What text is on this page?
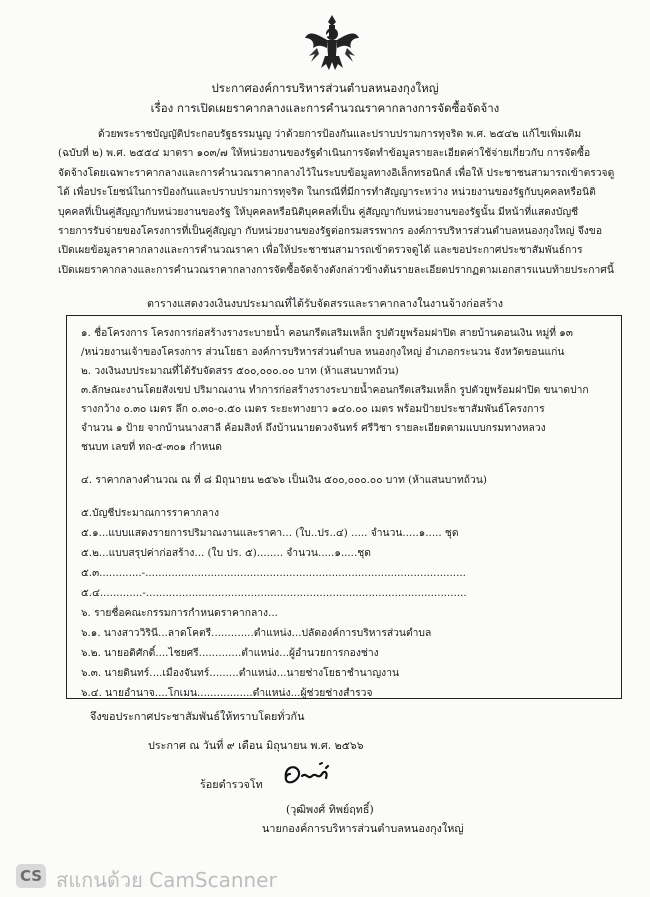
ประกาศองค์การบริหารส่วนตำบลหนองกุงใหญ่
เรื่อง การเปิดเผยราคากลางและการคำนวณราคากลางการจัดซื้อจัดจ้าง

ด้วยพระราชบัญญัติประกอบรัฐธรรมนูญ ว่าด้วยการป้องกันและปราบปรามการทุจริต พ.ศ. ๒๕๔๒ แก้ไขเพิ่มเติม

(ฉบับที่ ๒) พ.ศ. ๒๕๕๔ มาตรา ๑๐๓/๗ ให้หน่วยงานของรัฐดำเนินการจัดทำข้อมูลรายละเอียดค่าใช้จ่ายเกี่ยวกับ การจัดซื้อ
จัดจ้างโดยเฉพาะราคากลางและการคำนวณราคากลางไว้ในระบบข้อมูลทางอิเล็กทรอนิกส์ เพื่อให้ ประชาชนสามารถเข้าตรวจดู
ได้ เพื่อประโยชน์ในการป้องกันและปราบปรามการทุจริต ในกรณีที่มีการทำสัญญาระหว่าง หน่วยงานของรัฐกับบุคคลหรือนิติ
บุคคลที่เป็นคู่สัญญากับหน่วยงานของรัฐ ให้บุคคลหรือนิติบุคคลที่เป็น คู่สัญญากับหน่วยงานของรัฐนั้น มีหน้าที่แสดงบัญชี
รายการรับจ่ายของโครงการที่เป็นคู่สัญญา กับหน่วยงานของรัฐต่อกรมสรรพากร องค์การบริหารส่วนตำบลหนองกุงใหญ่ จึงขอ
เปิดเผยข้อมูลราคากลางและการคำนวณราคา เพื่อให้ประชาชนสามารถเข้าตรวจดูได้ และขอประกาศประชาสัมพันธ์การ
เปิดเผยราคากลางและการคำนวณราคากลางการจัดซื้อจัดจ้างดังกล่าวข้างต้นรายละเอียดปรากฏตามเอกสารแนบท้ายประกาศนี้
ตารางแสดงวงเงินงบประมาณที่ได้รับจัดสรรและราคากลางในงานจ้างก่อสร้าง
๑. ชื่อโครงการ โครงการก่อสร้างรางระบายน้ำ คอนกรีตเสริมเหล็ก รูปตัวยูพร้อมฝาปิด สายบ้านดอนเงิน หมู่ที่ ๑๓
/หน่วยงานเจ้าของโครงการ ส่วนโยธา องค์การบริหารส่วนตำบล หนองกุงใหญ่ อำเภอกระนวน จังหวัดขอนแก่น
๒. วงเงินงบประมาณที่ได้รับจัดสรร ๕๐๐,๐๐๐.๐๐ บาท (ห้าแสนบาทถ้วน)
๓.ลักษณะงานโดยสังเขป ปริมาณงาน ทำการก่อสร้างรางระบายน้ำคอนกรีตเสริมเหล็ก รูปตัวยูพร้อมฝาปิด ขนาดปาก
รางกว้าง ๐.๓๐ เมตร ลึก ๐.๓๐-๐.๕๐ เมตร ระยะทางยาว ๑๔๐.๐๐ เมตร พร้อมป้ายประชาสัมพันธ์โครงการ
จำนวน ๑ ป้าย จากบ้านนางสาลี ค้อมสิงห์ ถึงบ้านนายดวงจันทร์ ศรีวิชา รายละเอียดตามแบบกรมทางหลวง
ชนบท เลขที่ ทถ-๕-๓๐๑ กำหนด
๔. ราคากลางคำนวณ ณ ที่ ๘ มิถุนายน ๒๕๖๖ เป็นเงิน ๕๐๐,๐๐๐.๐๐ บาท (ห้าแสนบาทถ้วน)
๕.บัญชีประมาณการราคากลาง
๕.๑...แบบแสดงรายการปริมาณงานและราคา... (ใบ..ปร..๔) ..... จำนวน.....๑..... ชุด
๕.๒...แบบสรุปค่าก่อสร้าง... (ใบ ปร. ๕)........ จำนวน.....๑.....ชุด
๕.๓.............-..................................................................................................
๕.๔.............-..................................................................................................
๖. รายชื่อคณะกรรมการกำหนดราคากลาง...
๖.๑. นางสาววิรินี...ลาดโคตรี.............ตำแหน่ง...ปลัดองค์การบริหารส่วนตำบล
๖.๒. นายอดิศักดิ์....ไชยศรี.............ตำแหน่ง...ผู้อำนวยการกองช่าง
๖.๓. นายดินทร์....เมืองจันทร์.........ตำแหน่ง...นายช่างโยธาชำนาญงาน
๖.๔. นายอำนาจ....โกเมน.................ตำแหน่ง...ผู้ช่วยช่างสำรวจ
จึงขอประกาศประชาสัมพันธ์ให้ทราบโดยทั่วกัน
ประกาศ ณ วันที่ ๙ เดือน มิถุนายน พ.ศ. ๒๕๖๖
ร้อยตำรวจโท
(วุฒิพงศ์ ทิพย์ฤทธิ์)
นายกองค์การบริหารส่วนตำบลหนองกุงใหญ่
CS สแกนด้วย CamScanner
